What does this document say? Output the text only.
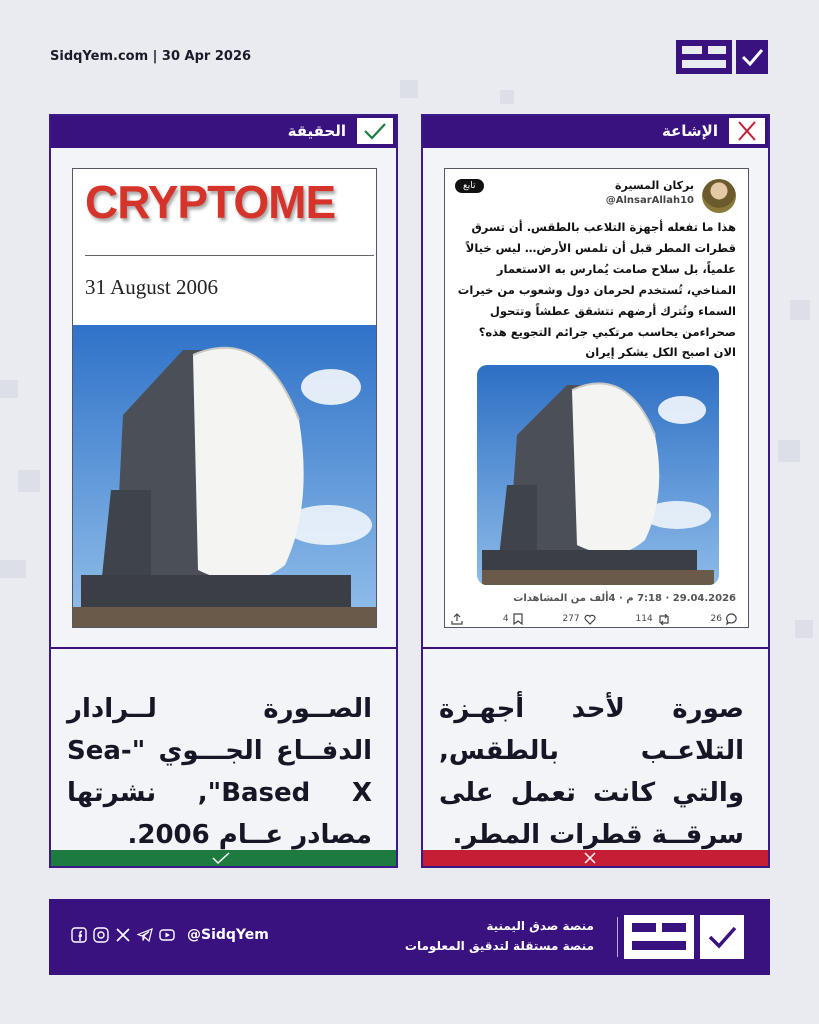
SidqYem.com | 30 Apr 2026
الإشاعة
بركان المسيرة
@AlnsarAllah10
تابع
هذا ما تفعله أجهزة التلاعب بالطقس. أن تسرق قطرات المطر قبل أن تلمس الأرض… ليس خيالاً علمياً، بل سلاح صامت يُمارس به الاستعمار المناخي، تُستخدم لحرمان دول وشعوب من خيرات السماء وتُترك أرضهم تتشقق عطشاً وتتحول صحراءمن يحاسب مرتكبي جرائم التجويع هذه؟
الان اصبح الكل يشكر إيران
29.04.2026 · 7:18 م · 4ألف من المشاهدات
4	277	114	26
صورة لأحد أجهـزة التلاعـب بالطقس, والتي كانت تعمل على سرقــة قطرات المطر.
الحقيقة
CRYPTOME
31 August 2006
الصــورة لــرادار الدفــاع الجـــوي "Sea-Based X", نشرتها مصادر عــام 2006.
منصة صدق اليمنية
منصة مستقلة لتدقيق المعلومات
@SidqYem
